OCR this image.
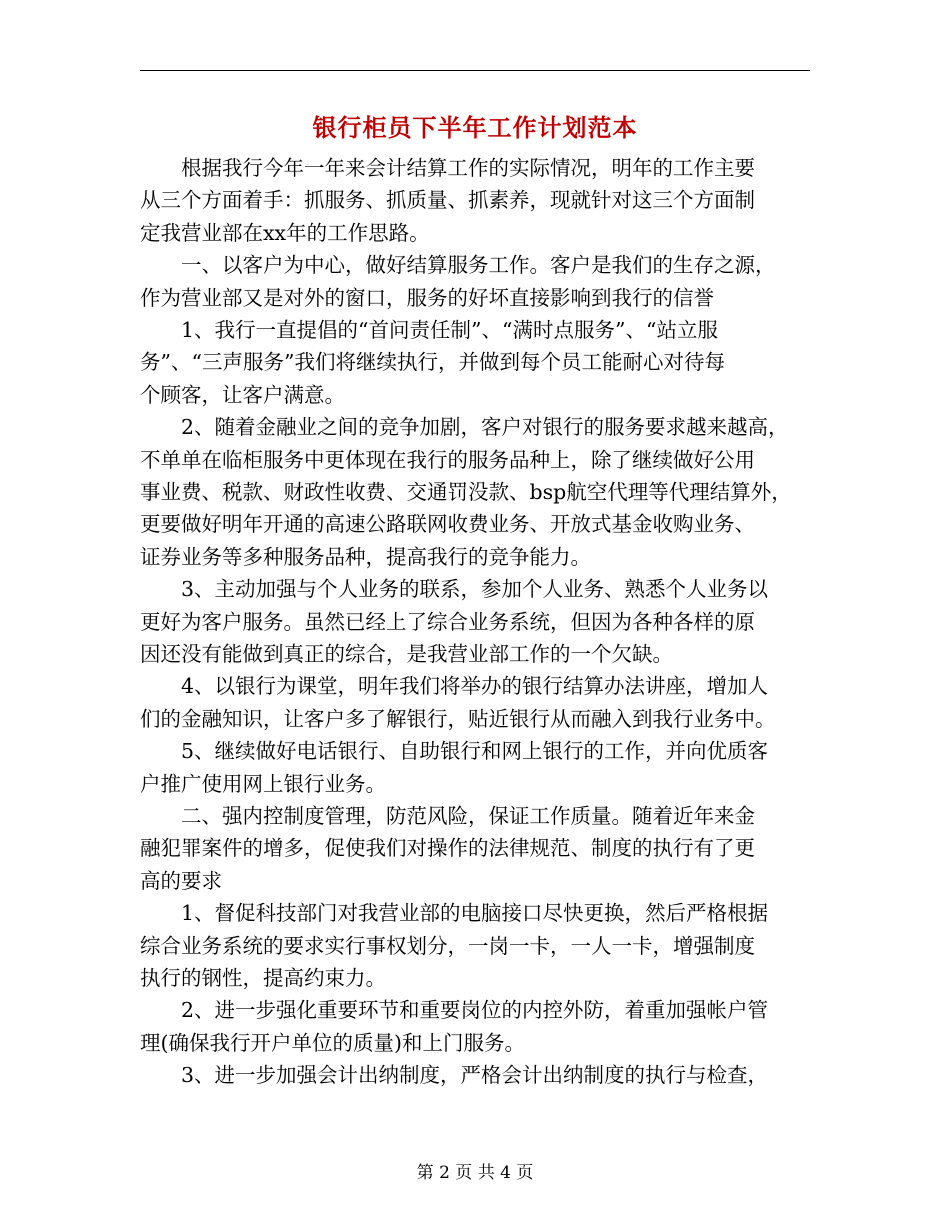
银行柜员下半年工作计划范本
　　根据我行今年一年来会计结算工作的实际情况，明年的工作主要
从三个方面着手：抓服务、抓质量、抓素养，现就针对这三个方面制
定我营业部在xx年的工作思路。
　　一、以客户为中心，做好结算服务工作。客户是我们的生存之源，
作为营业部又是对外的窗口，服务的好坏直接影响到我行的信誉
　　1、我行一直提倡的“首问责任制”、“满时点服务”、“站立服
务”、“三声服务”我们将继续执行，并做到每个员工能耐心对待每
个顾客，让客户满意。
　　2、随着金融业之间的竞争加剧，客户对银行的服务要求越来越高，
不单单在临柜服务中更体现在我行的服务品种上，除了继续做好公用
事业费、税款、财政性收费、交通罚没款、bsp航空代理等代理结算外，
更要做好明年开通的高速公路联网收费业务、开放式基金收购业务、
证券业务等多种服务品种，提高我行的竞争能力。
　　3、主动加强与个人业务的联系，参加个人业务、熟悉个人业务以
更好为客户服务。虽然已经上了综合业务系统，但因为各种各样的原
因还没有能做到真正的综合，是我营业部工作的一个欠缺。
　　4、以银行为课堂，明年我们将举办的银行结算办法讲座，增加人
们的金融知识，让客户多了解银行，贴近银行从而融入到我行业务中。
　　5、继续做好电话银行、自助银行和网上银行的工作，并向优质客
户推广使用网上银行业务。
　　二、强内控制度管理，防范风险，保证工作质量。随着近年来金
融犯罪案件的增多，促使我们对操作的法律规范、制度的执行有了更
高的要求
　　1、督促科技部门对我营业部的电脑接口尽快更换，然后严格根据
综合业务系统的要求实行事权划分，一岗一卡，一人一卡，增强制度
执行的钢性，提高约束力。
　　2、进一步强化重要环节和重要岗位的内控外防，着重加强帐户管
理(确保我行开户单位的质量)和上门服务。
　　3、进一步加强会计出纳制度，严格会计出纳制度的执行与检查，
第 2 页 共 4 页
